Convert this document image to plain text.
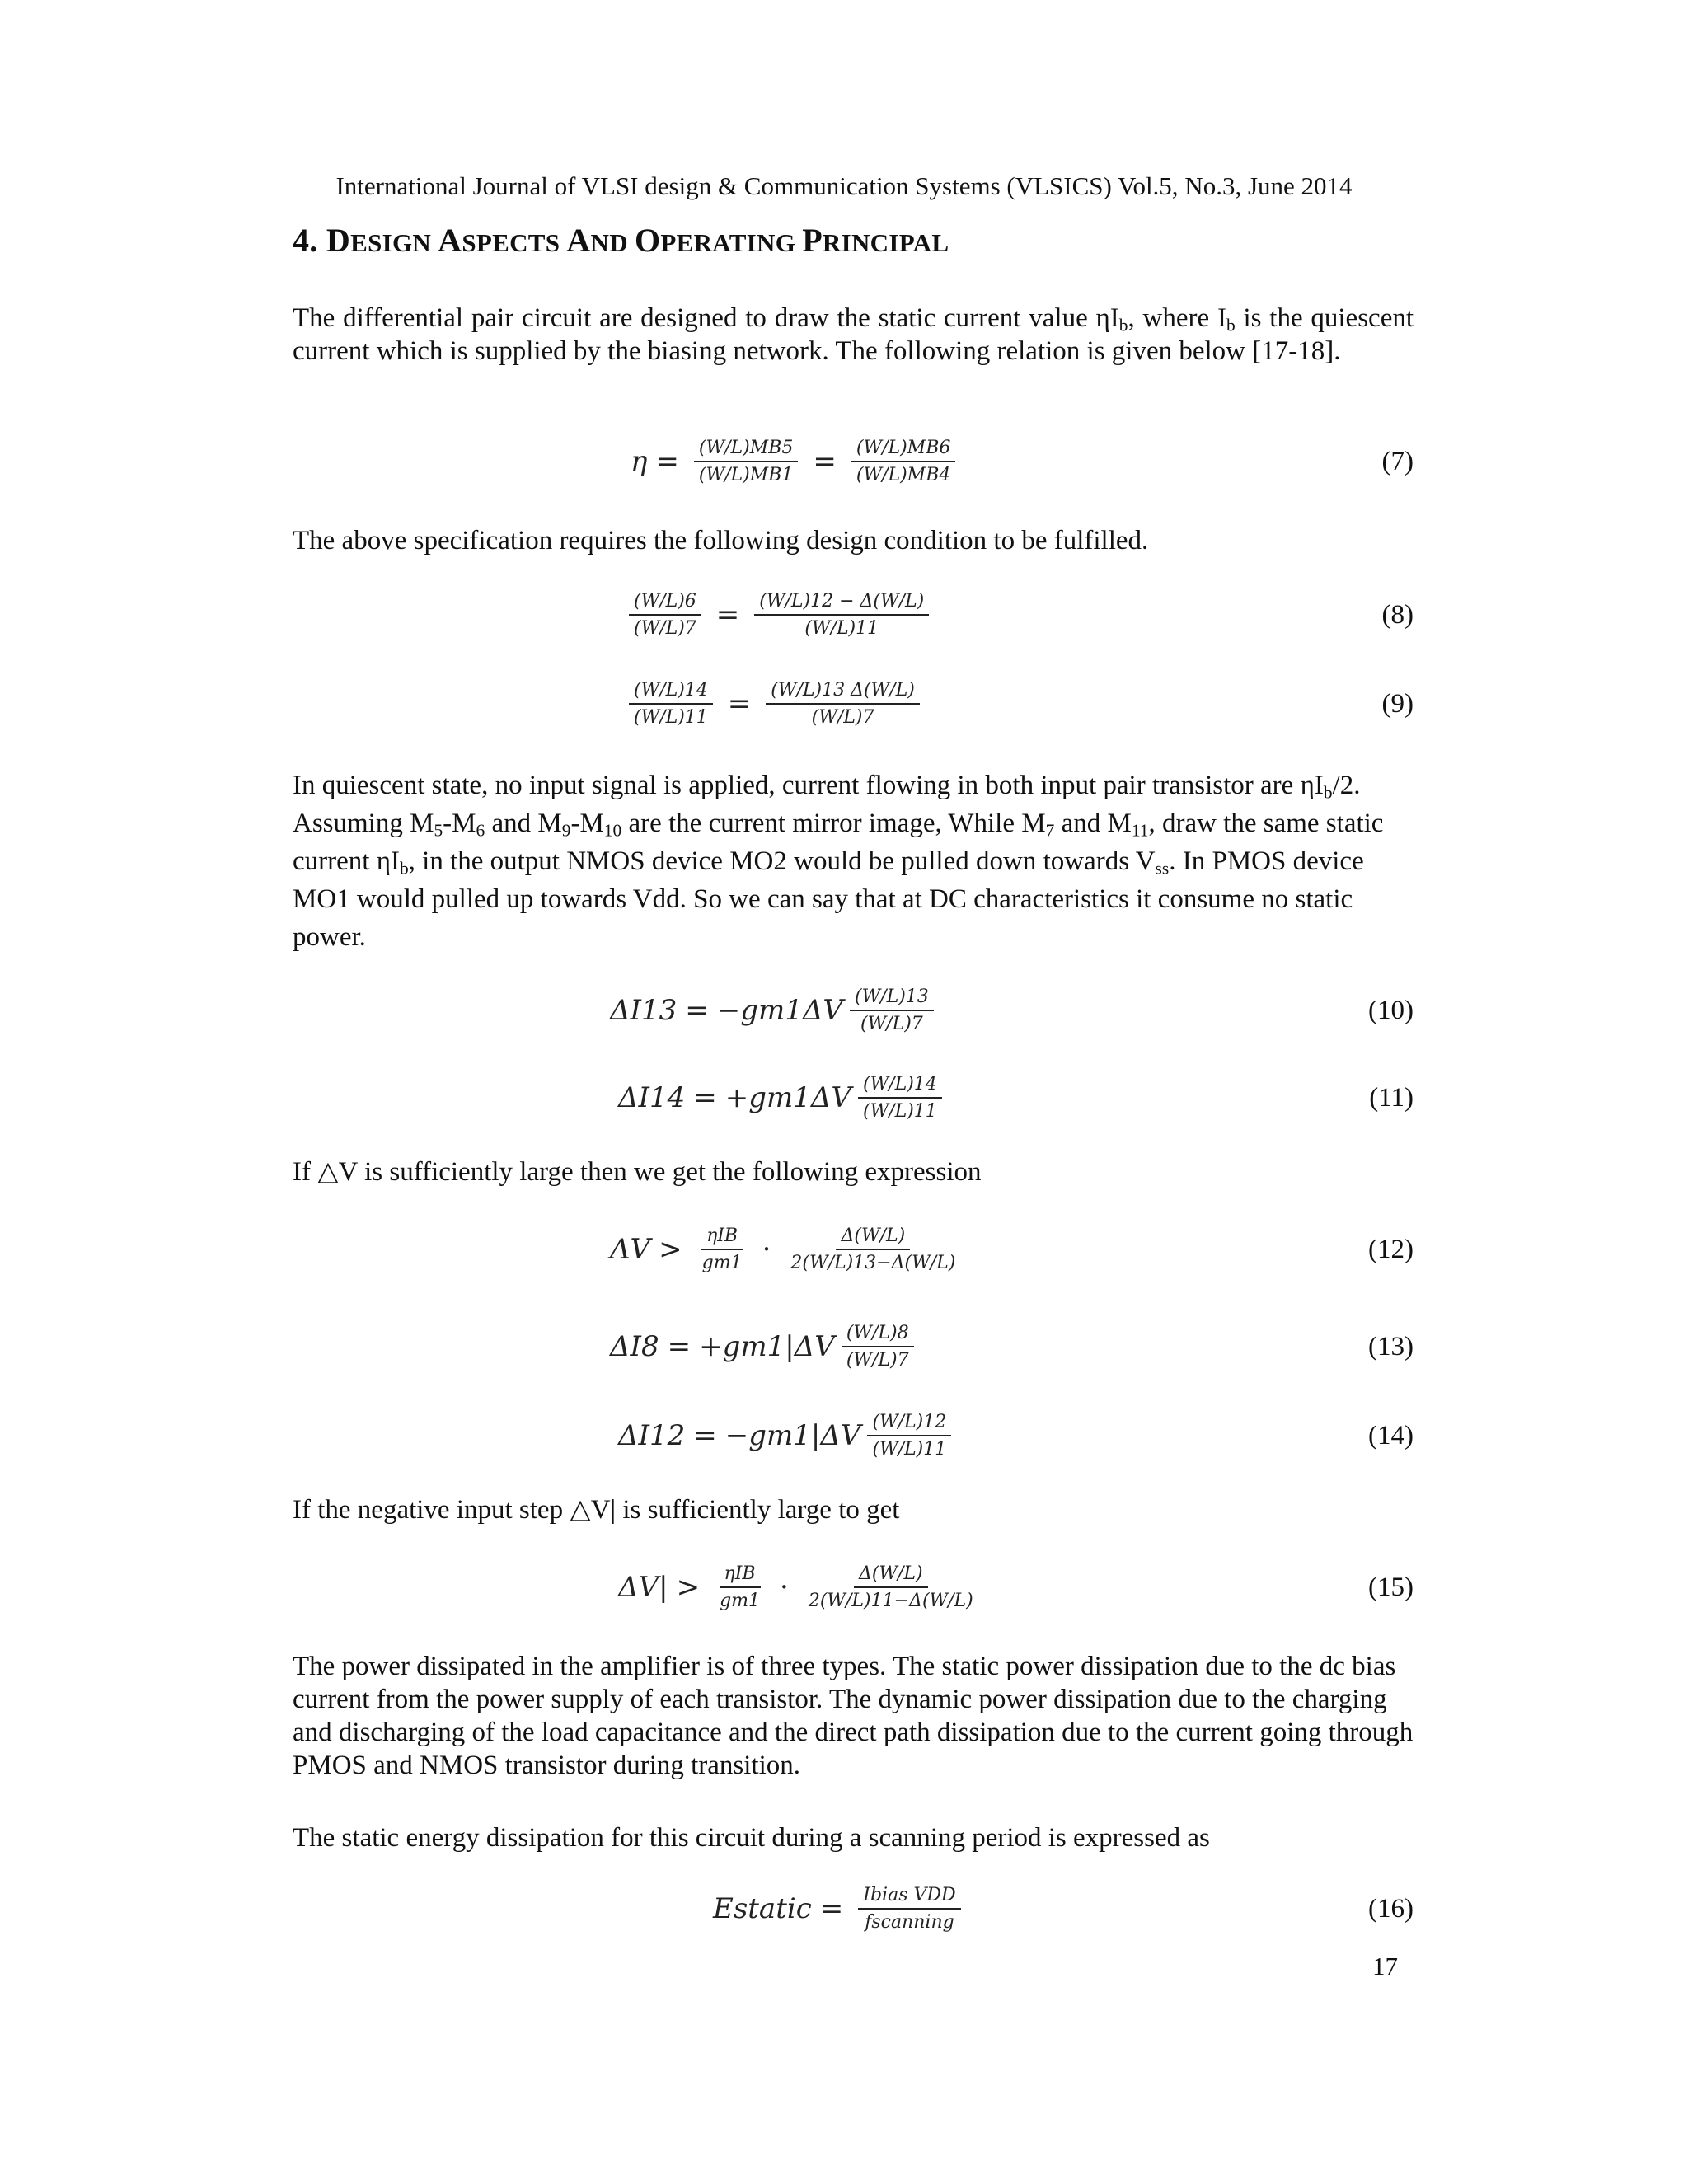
International Journal of VLSI design & Communication Systems (VLSICS) Vol.5, No.3, June 2014
4. DESIGN ASPECTS AND OPERATING PRINCIPAL

The differential pair circuit are designed to draw the static current value $\eta I_b$, where $I_b$ is the quiescent current which is supplied by the biasing network. The following relation is given below [17-18].

$\eta = \frac{(W/L)MB5}{(W/L)MB1} = \frac{(W/L)MB6}{(W/L)MB4}$	(7)

The above specification requires the following design condition to be fulfilled.

$\frac{(W/L)6}{(W/L)7} = \frac{(W/L)12 - \Delta(W/L)}{(W/L)11}$	(8)
$\frac{(W/L)14}{(W/L)11} = \frac{(W/L)13 \Delta(W/L)}{(W/L)7}$	(9)

In quiescent state, no input signal is applied, current flowing in both input pair transistor are $\eta I_b/2$. Assuming $M_5-M_6$ and $M_9-M_{10}$ are the current mirror image, While $M_7$ and $M_{11}$, draw the same static current $\eta I_b$, in the output NMOS device MO2 would be pulled down towards $V_{ss}$. In PMOS device MO1 would pulled up towards Vdd. So we can say that at DC characteristics it consume no static power.

$\Delta I13 = -gm1\Delta V \frac{(W/L)13}{(W/L)7}$	(10)
$\Delta I14 = +gm1\Delta V \frac{(W/L)14}{(W/L)11}$	(11)

If △V is sufficiently large then we get the following expression

$\Lambda V > \frac{\text{ηIB}}{gm1} \cdot \frac{\Delta(W/L)}{2(W/L)13-\Delta(W/L)}$	(12)
$\Delta I8 = +gm1|\Delta V \frac{(W/L)8}{(W/L)7}$	(13)
$\Delta I12 = -gm1|\Delta V \frac{(W/L)12}{(W/L)11}$	(14)

If the negative input step △V| is sufficiently large to get

$\Delta V| > \frac{\text{ηIB}}{gm1} \cdot \frac{\Delta(W/L)}{2(W/L)11-\Delta(W/L)}$	(15)

The power dissipated in the amplifier is of three types. The static power dissipation due to the dc bias current from the power supply of each transistor. The dynamic power dissipation due to the charging and discharging of the load capacitance and the direct path dissipation due to the current going through PMOS and NMOS transistor during transition.

The static energy dissipation for this circuit during a scanning period is expressed as

Estatic = $\frac{\text{Ibias VDD}}{\text{fscanning}}$	(16)
17
